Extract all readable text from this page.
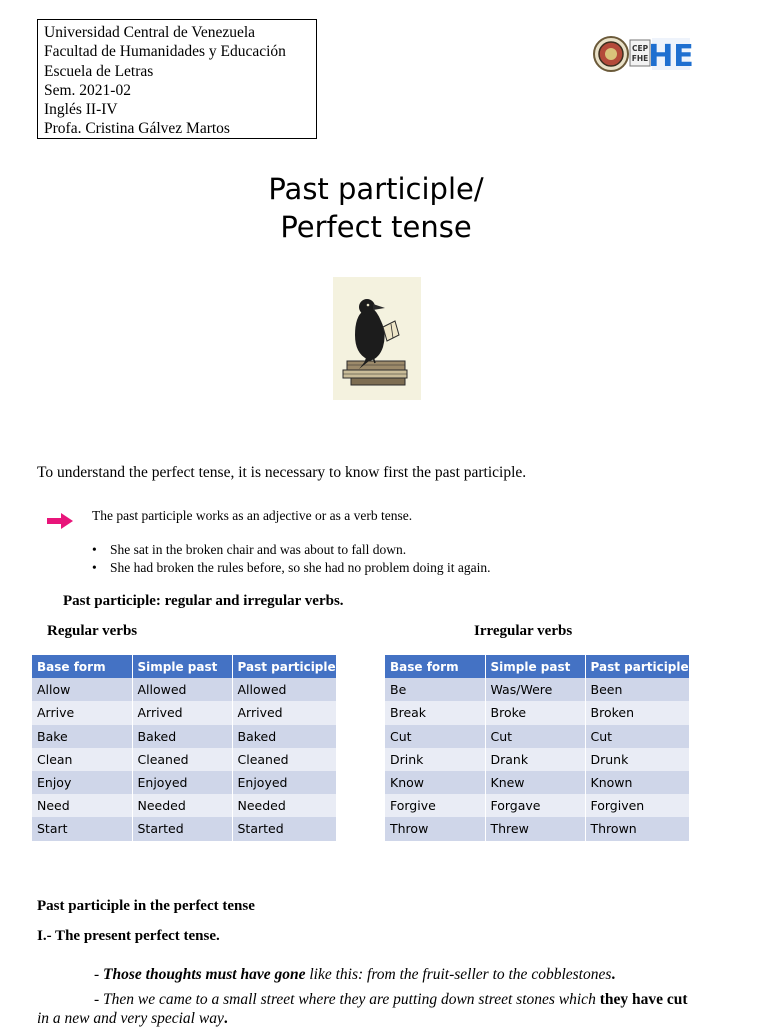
Universidad Central de Venezuela
Facultad de Humanidades y Educación
Escuela de Letras
Sem. 2021-02
Inglés II-IV
Profa. Cristina Gálvez Martos
CEP
FHE HE
Past participle/
Perfect tense
To understand the perfect tense, it is necessary to know first the past participle.
The past participle works as an adjective or as a verb tense.
• She sat in the broken chair and was about to fall down.
• She had broken the rules before, so she had no problem doing it again.
Past participle: regular and irregular verbs.
Regular verbs	Irregular verbs
Base form	Simple past	Past participle
Allow	Allowed	Allowed
Arrive	Arrived	Arrived
Bake	Baked	Baked
Clean	Cleaned	Cleaned
Enjoy	Enjoyed	Enjoyed
Need	Needed	Needed
Start	Started	Started
Base form	Simple past	Past participle
Be	Was/Were	Been
Break	Broke	Broken
Cut	Cut	Cut
Drink	Drank	Drunk
Know	Knew	Known
Forgive	Forgave	Forgiven
Throw	Threw	Thrown
Past participle in the perfect tense
I.- The present perfect tense.
- Those thoughts must have gone like this: from the fruit-seller to the cobblestones.
- Then we came to a small street where they are putting down street stones which they have cut
in a new and very special way.
